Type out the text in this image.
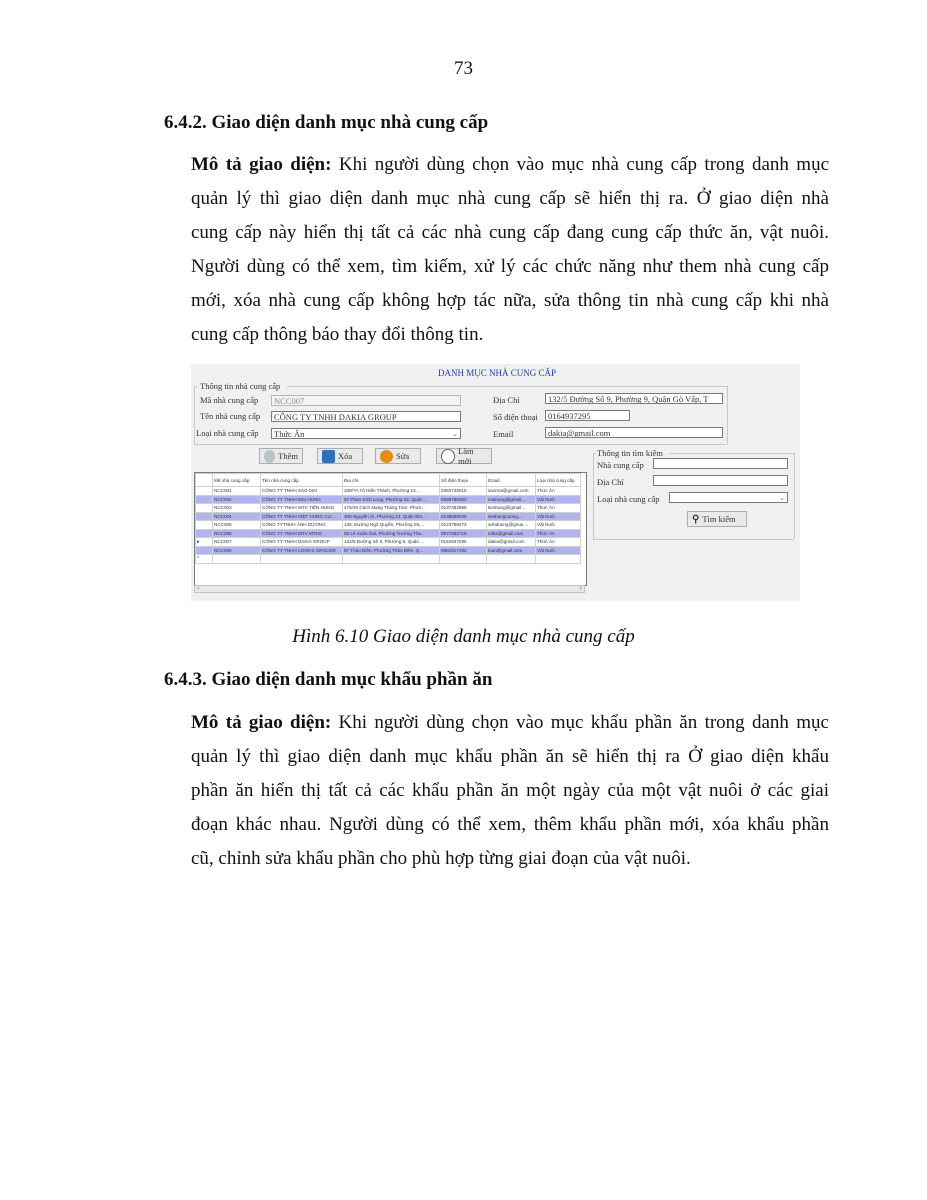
73
6.4.2. Giao diện danh mục nhà cung cấp
Mô tả giao diện: Khi người dùng chọn vào mục nhà cung cấp trong danh mục
quản lý thì giao diện danh mục nhà cung cấp sẽ hiển thị ra. Ở giao diện nhà
cung cấp này hiển thị tất cả các nhà cung cấp đang cung cấp thức ăn, vật nuôi.
Người dùng có thể xem, tìm kiếm, xử lý các chức năng như them nhà cung cấp
mới, xóa nhà cung cấp không hợp tác nữa, sửa thông tin nhà cung cấp khi nhà
cung cấp thông báo thay đổi thông tin.
DANH MỤC NHÀ CUNG CẤP
Thông tin nhà cung cấp
Mã nhà cung cấp	NCC007
Tên nhà cung cấp	CÔNG TY TNHH DAKIA GROUP
Loại nhà cung cấp	Thức Ăn	⌄
Địa Chỉ	132/5 Đường Số 9, Phường 9, Quận Gò Vấp, T
Số điện thoại	0164937295
Email	dakia@gmail.com
Thêm	Xóa	Sửa	Làm mới
Thông tin tìm kiếm
Nhà cung cấp
Địa Chỉ
Loại nhà cung cấp	⌄
⚲ Tìm kiếm
	Mã nhà cung cấp	Tên nhà cung cấp	Địa chỉ	Số điện thoại	Email	Loại nhà cung cấp
	NCC001	CÔNG TY TNHH SAO MAI	339/7A Tô Hiến Thành, Phường 13, ...	0383748015	saomai@gmail.com	Thức Ăn
	NCC002	CÔNG TY TNHH MAI HÙNG	67 Phan Xích Long, Phường 02, Quận ...	0985788362	maihung@gmail....	Vật Nuôi
	NCC003	CÔNG TY TNHH MTV TIẾN HUNG	475/26 Cách Mạng Tháng Tám, Phườ...	0137382966	tienhung@gmail....	Thức Ăn
	NCC004	CÔNG TY TNHH VIỆT HÙNG CƯ...	408 Nguyễn Xí, Phường 13, Quận Bìn...	0138559208	viethungcuong....	Vật Nuôi
	NCC005	CÔNG TYTNHH ÁNH DƯƠNG	135, Đường Ngô Quyền, Phường 06,...	0123788473	anhduong@gmai....	Vật Nuôi
	NCC006	CÔNG TY TNHH MTV MTKS	05 Lê Xuân Oai, Phường Trường Tha...	0977262715	mtks@gmail.com	Thức Ăn
▸	NCC007	CÔNG TY TNHH DAKIA GROUP	132/5 Đường Số 9, Phường 9, Quận ...	0164937295	dakia@gmail.com	Thức Ăn
	NCC008	CÔNG TY TNHH LOAN'S GROCER	87 Thảo Điền, Phường Thảo Điền, Q...	0982517492	loan@gmail.com	Vật Nuôi
*						
‹	›
Hình 6.10 Giao diện danh mục nhà cung cấp
6.4.3. Giao diện danh mục khẩu phần ăn
Mô tả giao diện: Khi người dùng chọn vào mục khẩu phần ăn trong danh mục
quản lý thì giao diện danh mục khẩu phần ăn sẽ hiển thị ra Ở giao diện khẩu
phần ăn hiển thị tất cả các khẩu phần ăn một ngày của một vật nuôi ở các giai
đoạn khác nhau. Người dùng có thể xem, thêm khẩu phần mới, xóa khẩu phần
cũ, chỉnh sửa khẩu phần cho phù hợp từng giai đoạn của vật nuôi.
